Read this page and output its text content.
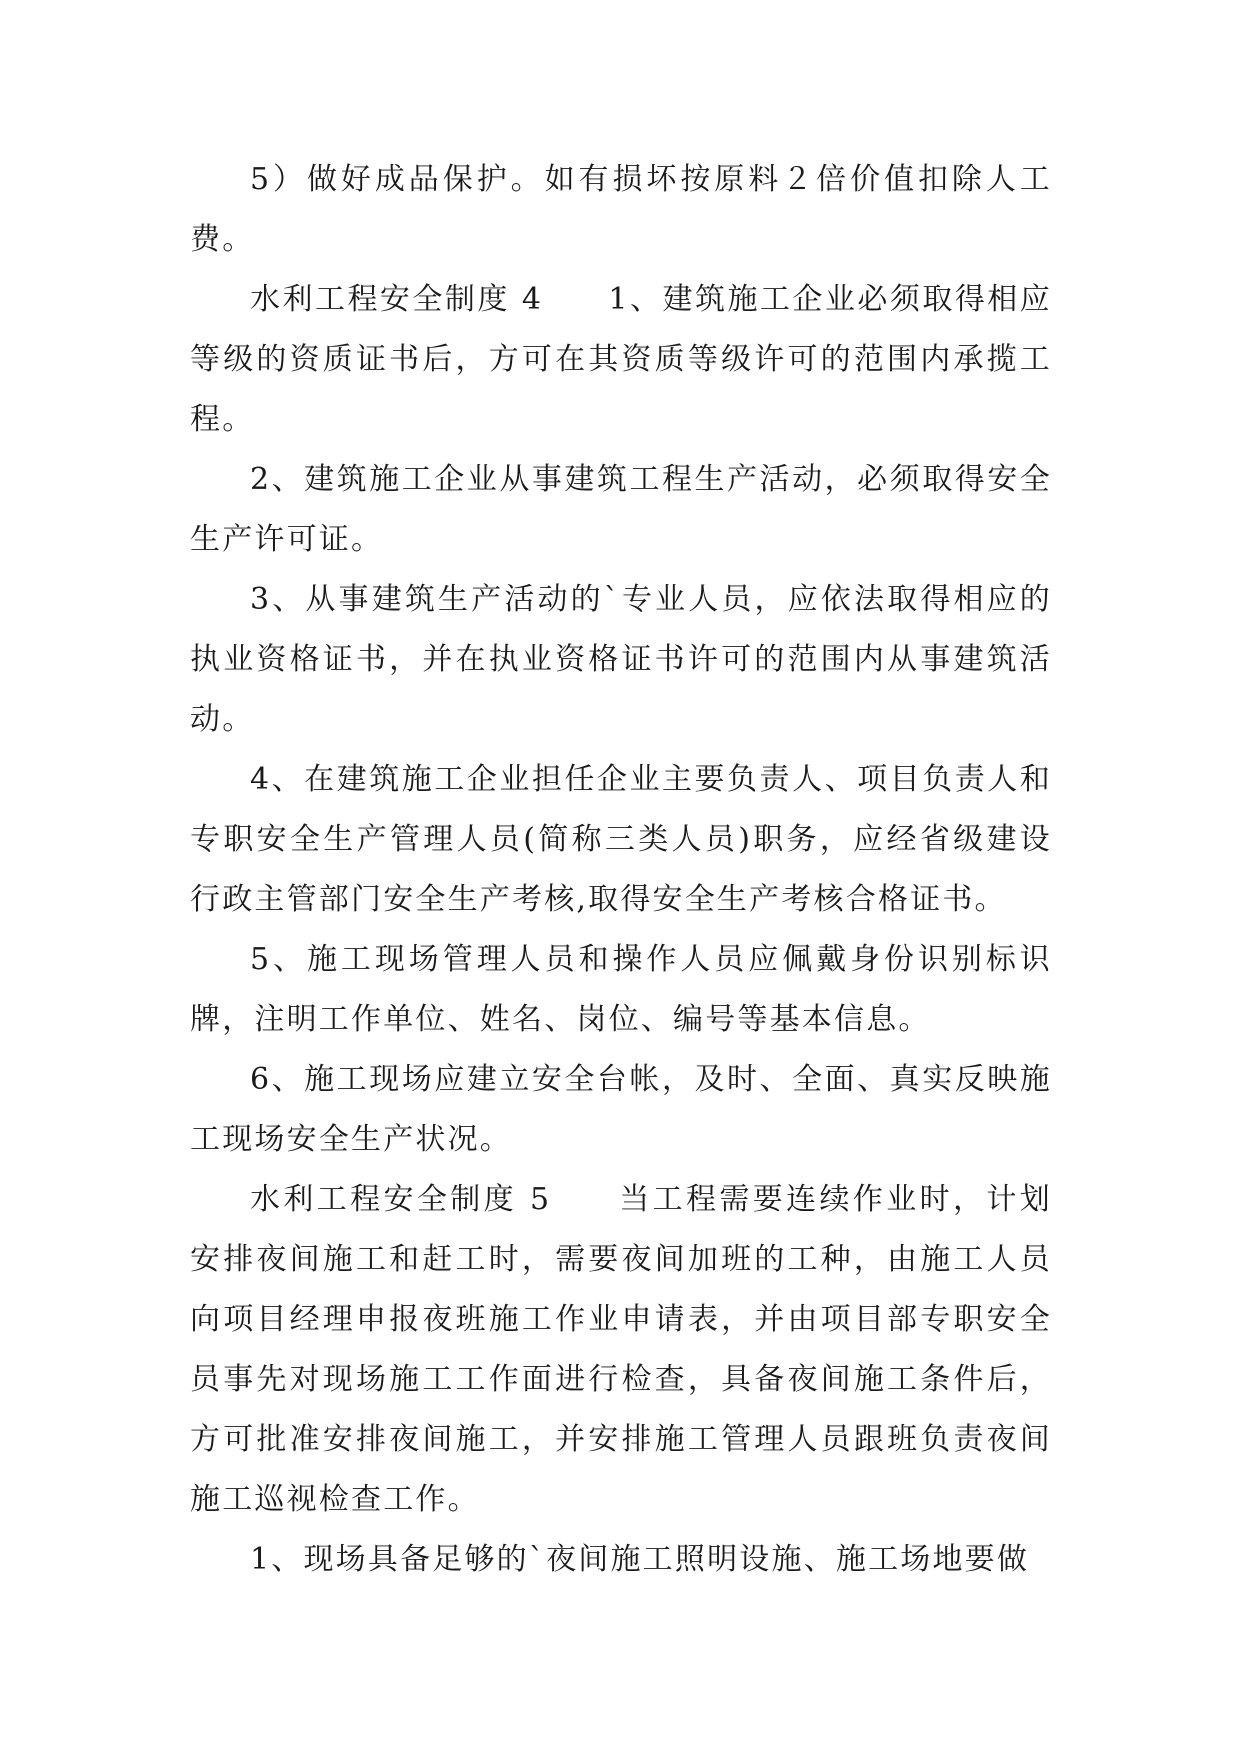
5）做好成品保护。如有损坏按原料２倍价值扣除人工费。

水利工程安全制度 4　　1、建筑施工企业必须取得相应等级的资质证书后，方可在其资质等级许可的范围内承揽工程。

2、建筑施工企业从事建筑工程生产活动，必须取得安全生产许可证。

3、从事建筑生产活动的`专业人员，应依法取得相应的执业资格证书，并在执业资格证书许可的范围内从事建筑活动。

4、在建筑施工企业担任企业主要负责人、项目负责人和专职安全生产管理人员(简称三类人员)职务，应经省级建设行政主管部门安全生产考核,取得安全生产考核合格证书。

5、施工现场管理人员和操作人员应佩戴身份识别标识牌，注明工作单位、姓名、岗位、编号等基本信息。

6、施工现场应建立安全台帐，及时、全面、真实反映施工现场安全生产状况。

水利工程安全制度 5　　当工程需要连续作业时，计划安排夜间施工和赶工时，需要夜间加班的工种，由施工人员向项目经理申报夜班施工作业申请表，并由项目部专职安全员事先对现场施工工作面进行检查，具备夜间施工条件后，方可批准安排夜间施工，并安排施工管理人员跟班负责夜间施工巡视检查工作。

1、现场具备足够的`夜间施工照明设施、施工场地要做
